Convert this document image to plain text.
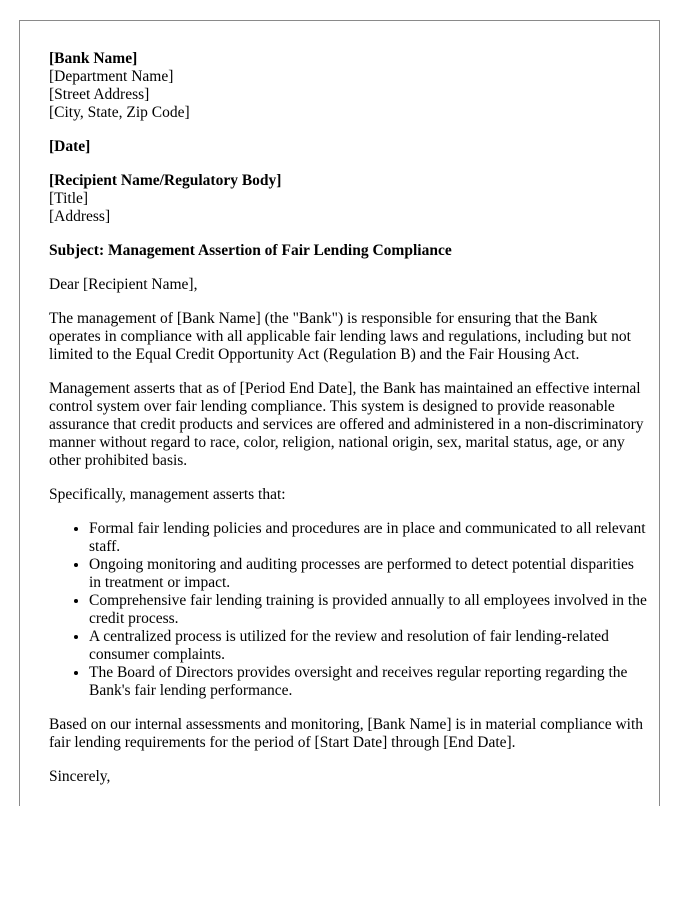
[Bank Name]
[Department Name]
[Street Address]
[City, State, Zip Code]
[Date]
[Recipient Name/Regulatory Body]
[Title]
[Address]

Subject: Management Assertion of Fair Lending Compliance

Dear [Recipient Name],

The management of [Bank Name] (the "Bank") is responsible for ensuring that the Bank operates in compliance with all applicable fair lending laws and regulations, including but not limited to the Equal Credit Opportunity Act (Regulation B) and the Fair Housing Act.

Management asserts that as of [Period End Date], the Bank has maintained an effective internal control system over fair lending compliance. This system is designed to provide reasonable assurance that credit products and services are offered and administered in a non-discriminatory manner without regard to race, color, religion, national origin, sex, marital status, age, or any other prohibited basis.

Specifically, management asserts that:

• Formal fair lending policies and procedures are in place and communicated to all relevant staff.
• Ongoing monitoring and auditing processes are performed to detect potential disparities in treatment or impact.
• Comprehensive fair lending training is provided annually to all employees involved in the credit process.
• A centralized process is utilized for the review and resolution of fair lending-related consumer complaints.
• The Board of Directors provides oversight and receives regular reporting regarding the Bank's fair lending performance.

Based on our internal assessments and monitoring, [Bank Name] is in material compliance with fair lending requirements for the period of [Start Date] through [End Date].

Sincerely,
